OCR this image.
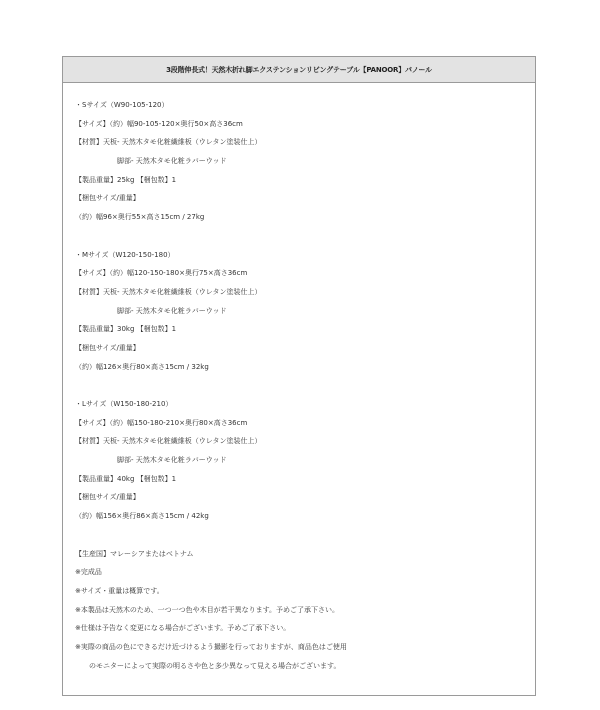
3段階伸長式！天然木折れ脚エクステンションリビングテーブル【PANOOR】パノール
・Sサイズ（W90-105-120）
【サイズ】（約）幅90-105-120×奥行50×高さ36cm
【材質】天板- 天然木タモ化粧繊維板（ウレタン塗装仕上）
脚部- 天然木タモ化粧ラバーウッド
【製品重量】25kg 【梱包数】1
【梱包サイズ/重量】
（約）幅96×奥行55×高さ15cm / 27kg
・Mサイズ（W120-150-180）
【サイズ】（約）幅120-150-180×奥行75×高さ36cm
【材質】天板- 天然木タモ化粧繊維板（ウレタン塗装仕上）
脚部- 天然木タモ化粧ラバーウッド
【製品重量】30kg 【梱包数】1
【梱包サイズ/重量】
（約）幅126×奥行80×高さ15cm / 32kg
・Lサイズ（W150-180-210）
【サイズ】（約）幅150-180-210×奥行80×高さ36cm
【材質】天板- 天然木タモ化粧繊維板（ウレタン塗装仕上）
脚部- 天然木タモ化粧ラバーウッド
【製品重量】40kg 【梱包数】1
【梱包サイズ/重量】
（約）幅156×奥行86×高さ15cm / 42kg
【生産国】マレーシアまたはベトナム
※完成品
※サイズ・重量は概算です。
※本製品は天然木のため、一つ一つ色や木目が若干異なります。予めご了承下さい。
※仕様は予告なく変更になる場合がございます。予めご了承下さい。
※実際の商品の色にできるだけ近づけるよう撮影を行っておりますが、商品色はご使用
のモニターによって実際の明るさや色と多少異なって見える場合がございます。
